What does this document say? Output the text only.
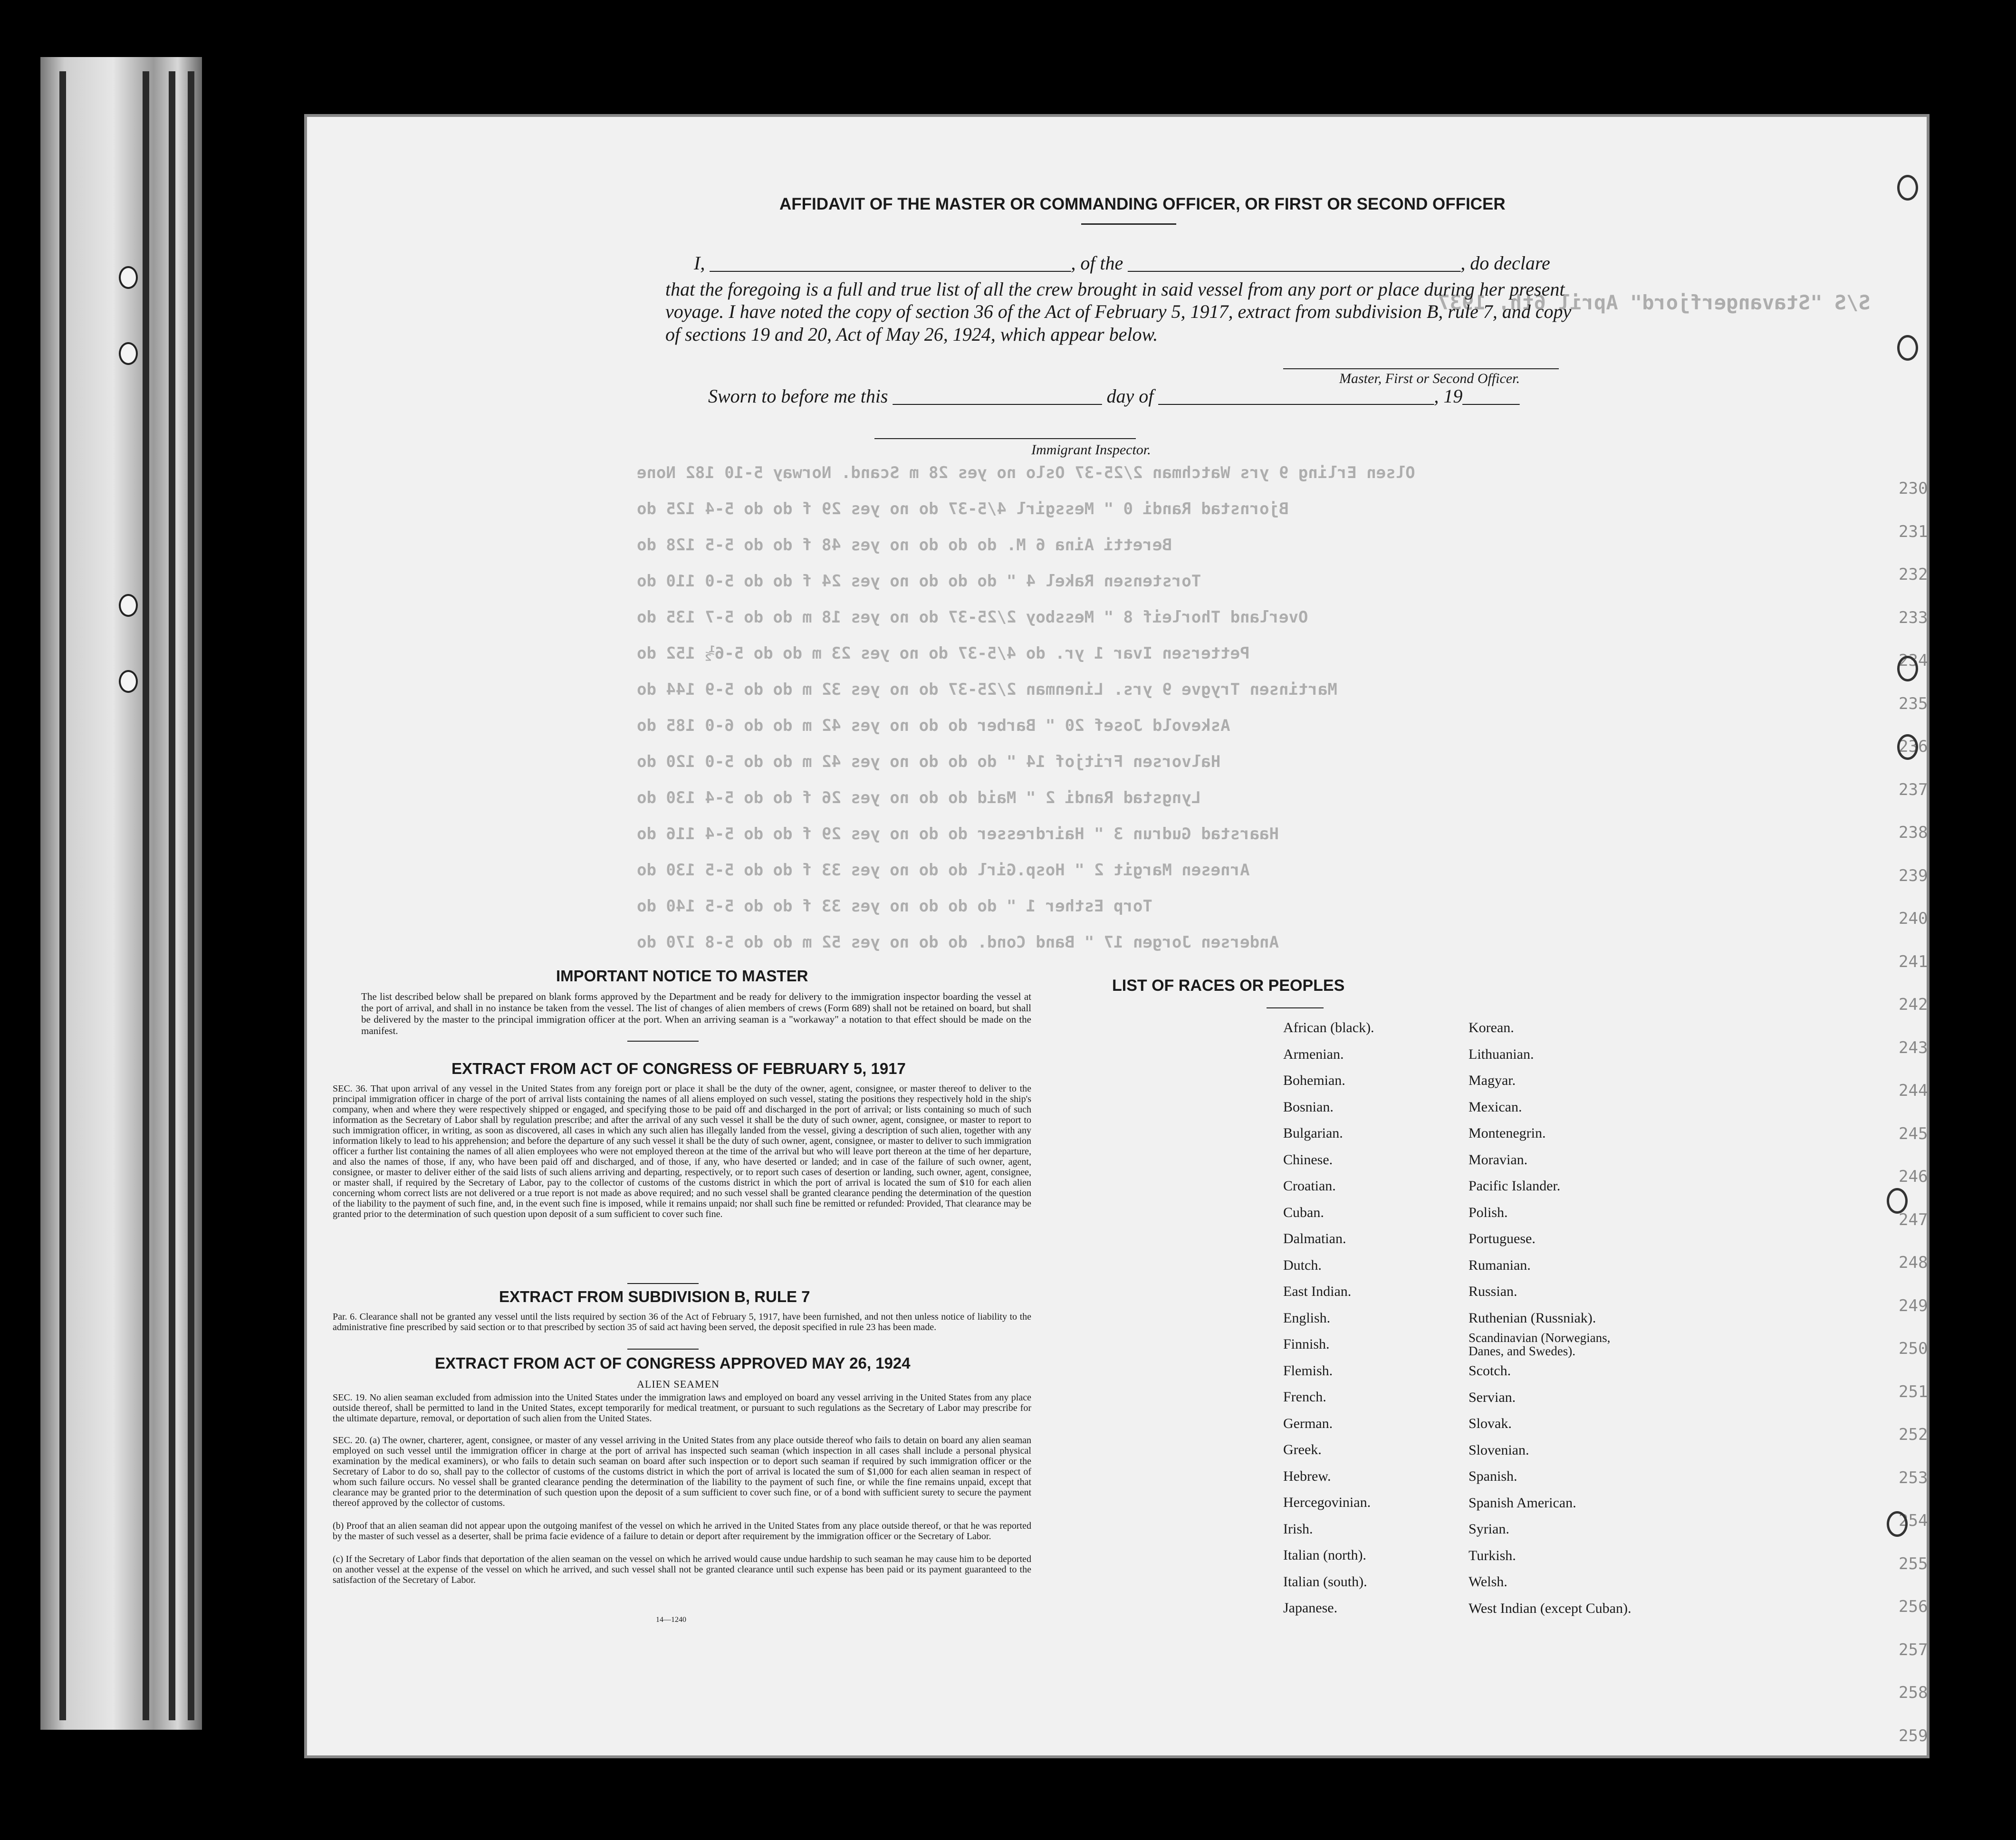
S/S "Stavangerfjord" April 6th, 1937.
Olsen Erling 9 yrs Watchman 2/25-37 Oslo no yes 28 m Scand. Norway 5-10 182 None
Bjornstad Randi 0 " Messgirl 4/5-37 do no yes 29 f do do 5-4 125 do
Beretti Aina 6 M. do do do no yes 48 f do do 5-5 128 do
Torstensen Rakel 4 " do do do no yes 24 f do do 5-0 110 do
Overland Thorleif 8 " Messboy 2/25-37 do no yes 18 m do do 5-7 135 do
Pettersen Ivar 1 yr. do 4/5-37 do no yes 23 m do do 5-6½ 152 do
Martinsen Trygve 9 yrs. Linenman 2/25-37 do no yes 32 m do do 5-9 144 do
Askevold Josef 20 " Barber do do no yes 42 m do do 6-0 185 do
Halvorsen Fritjof 14 " do do do no yes 42 m do do 5-0 120 do
Lyngstad Randi 2 " Maid do do no yes 26 f do do 5-4 130 do
Haarstad Gudrun 3 " Hairdresser do do no yes 29 f do do 5-4 116 do
Arnesen Margit 2 " Hosp.Girl do do no yes 33 f do do 5-5 130 do
Torp Esther 1 " do do do no yes 33 f do do 5-5 140 do
Andersen Jorgen 17 " Band Cond. do do no yes 52 m do do 5-8 170 do
230
231
232
233
234
235
236
237
238
239
240
241
242
243
244
245
246
247
248
249
250
251
252
253
254
255
256
257
258
259
AFFIDAVIT OF THE MASTER OR COMMANDING OFFICER, OR FIRST OR SECOND OFFICER
I, ______________________________________, of the ___________________________________, do declare
that the foregoing is a full and true list of all the crew brought in said vessel from any port or place during her present
voyage. I have noted the copy of section 36 of the Act of February 5, 1917, extract from subdivision B, rule 7, and copy
of sections 19 and 20, Act of May 26, 1924, which appear below.
Master, First or Second Officer.
Sworn to before me this ______________________ day of _____________________________, 19______
Immigrant Inspector.
IMPORTANT NOTICE TO MASTER
The list described below shall be prepared on blank forms approved by the Department and be ready for delivery to the immigration inspector boarding the vessel at the port of arrival, and shall in no instance be taken from the vessel. The list of changes of alien members of crews (Form 689) shall not be retained on board, but shall be delivered by the master to the principal immigration officer at the port. When an arriving seaman is a "workaway" a notation to that effect should be made on the manifest.
EXTRACT FROM ACT OF CONGRESS OF FEBRUARY 5, 1917
SEC. 36. That upon arrival of any vessel in the United States from any foreign port or place it shall be the duty of the owner, agent, consignee, or master thereof to deliver to the principal immigration officer in charge of the port of arrival lists containing the names of all aliens employed on such vessel, stating the positions they respectively hold in the ship's company, when and where they were respectively shipped or engaged, and specifying those to be paid off and discharged in the port of arrival; or lists containing so much of such information as the Secretary of Labor shall by regulation prescribe; and after the arrival of any such vessel it shall be the duty of such owner, agent, consignee, or master to report to such immigration officer, in writing, as soon as discovered, all cases in which any such alien has illegally landed from the vessel, giving a description of such alien, together with any information likely to lead to his apprehension; and before the departure of any such vessel it shall be the duty of such owner, agent, consignee, or master to deliver to such immigration officer a further list containing the names of all alien employees who were not employed thereon at the time of the arrival but who will leave port thereon at the time of her departure, and also the names of those, if any, who have been paid off and discharged, and of those, if any, who have deserted or landed; and in case of the failure of such owner, agent, consignee, or master to deliver either of the said lists of such aliens arriving and departing, respectively, or to report such cases of desertion or landing, such owner, agent, consignee, or master shall, if required by the Secretary of Labor, pay to the collector of customs of the customs district in which the port of arrival is located the sum of $10 for each alien concerning whom correct lists are not delivered or a true report is not made as above required; and no such vessel shall be granted clearance pending the determination of the question of the liability to the payment of such fine, and, in the event such fine is imposed, while it remains unpaid; nor shall such fine be remitted or refunded: Provided, That clearance may be granted prior to the determination of such question upon deposit of a sum sufficient to cover such fine.
EXTRACT FROM SUBDIVISION B, RULE 7
Par. 6. Clearance shall not be granted any vessel until the lists required by section 36 of the Act of February 5, 1917, have been furnished, and not then unless notice of liability to the administrative fine prescribed by said section or to that prescribed by section 35 of said act having been served, the deposit specified in rule 23 has been made.
EXTRACT FROM ACT OF CONGRESS APPROVED MAY 26, 1924
ALIEN SEAMEN
SEC. 19. No alien seaman excluded from admission into the United States under the immigration laws and employed on board any vessel arriving in the United States from any place outside thereof, shall be permitted to land in the United States, except temporarily for medical treatment, or pursuant to such regulations as the Secretary of Labor may prescribe for the ultimate departure, removal, or deportation of such alien from the United States.
SEC. 20. (a) The owner, charterer, agent, consignee, or master of any vessel arriving in the United States from any place outside thereof who fails to detain on board any alien seaman employed on such vessel until the immigration officer in charge at the port of arrival has inspected such seaman (which inspection in all cases shall include a personal physical examination by the medical examiners), or who fails to detain such seaman on board after such inspection or to deport such seaman if required by such immigration officer or the Secretary of Labor to do so, shall pay to the collector of customs of the customs district in which the port of arrival is located the sum of $1,000 for each alien seaman in respect of whom such failure occurs. No vessel shall be granted clearance pending the determination of the liability to the payment of such fine, or while the fine remains unpaid, except that clearance may be granted prior to the determination of such question upon the deposit of a sum sufficient to cover such fine, or of a bond with sufficient surety to secure the payment thereof approved by the collector of customs.
(b) Proof that an alien seaman did not appear upon the outgoing manifest of the vessel on which he arrived in the United States from any place outside thereof, or that he was reported by the master of such vessel as a deserter, shall be prima facie evidence of a failure to detain or deport after requirement by the immigration officer or the Secretary of Labor.
(c) If the Secretary of Labor finds that deportation of the alien seaman on the vessel on which he arrived would cause undue hardship to such seaman he may cause him to be deported on another vessel at the expense of the vessel on which he arrived, and such vessel shall not be granted clearance until such expense has been paid or its payment guaranteed to the satisfaction of the Secretary of Labor.
14—1240
LIST OF RACES OR PEOPLES
African (black).
Armenian.
Bohemian.
Bosnian.
Bulgarian.
Chinese.
Croatian.
Cuban.
Dalmatian.
Dutch.
East Indian.
English.
Finnish.
Flemish.
French.
German.
Greek.
Hebrew.
Hercegovinian.
Irish.
Italian (north).
Italian (south).
Japanese.
Korean.
Lithuanian.
Magyar.
Mexican.
Montenegrin.
Moravian.
Pacific Islander.
Polish.
Portuguese.
Rumanian.
Russian.
Ruthenian (Russniak).
Scandinavian (Norwegians, Danes, and Swedes).
Scotch.
Servian.
Slovak.
Slovenian.
Spanish.
Spanish American.
Syrian.
Turkish.
Welsh.
West Indian (except Cuban).
